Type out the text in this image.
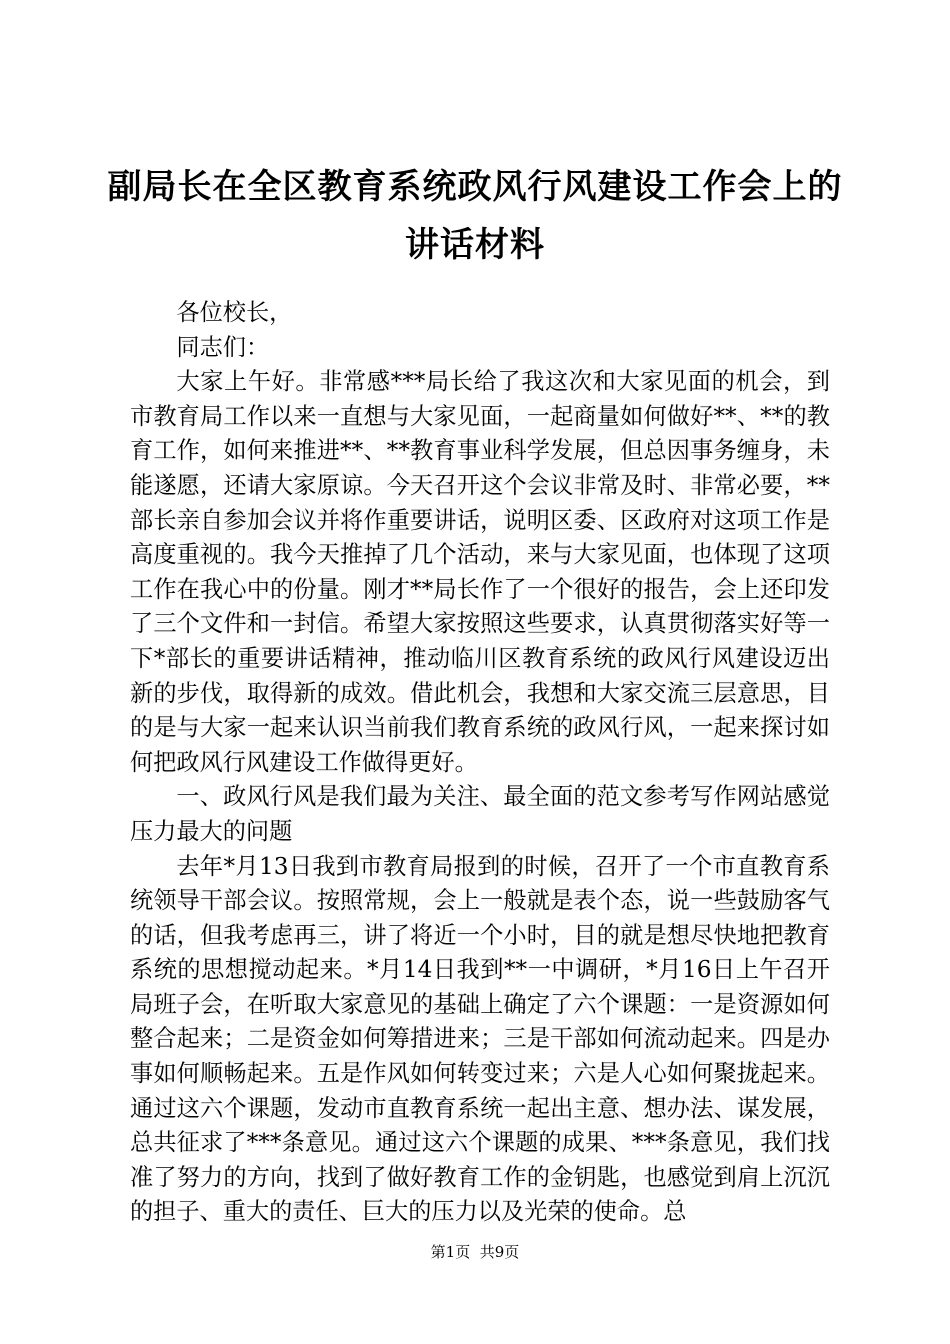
副局长在全区教育系统政风行风建设工作会上的讲话材料

各位校长，

同志们：

大家上午好。非常感***局长给了我这次和大家见面的机会，到市教育局工作以来一直想与大家见面，一起商量如何做好**、**的教育工作，如何来推进**、**教育事业科学发展，但总因事务缠身，未能遂愿，还请大家原谅。今天召开这个会议非常及时、非常必要，**部长亲自参加会议并将作重要讲话，说明区委、区政府对这项工作是高度重视的。我今天推掉了几个活动，来与大家见面，也体现了这项工作在我心中的份量。刚才**局长作了一个很好的报告，会上还印发了三个文件和一封信。希望大家按照这些要求，认真贯彻落实好等一下*部长的重要讲话精神，推动临川区教育系统的政风行风建设迈出新的步伐，取得新的成效。借此机会，我想和大家交流三层意思，目的是与大家一起来认识当前我们教育系统的政风行风，一起来探讨如何把政风行风建设工作做得更好。

一、政风行风是我们最为关注、最全面的范文参考写作网站感觉压力最大的问题

去年*月13日我到市教育局报到的时候，召开了一个市直教育系统领导干部会议。按照常规，会上一般就是表个态，说一些鼓励客气的话，但我考虑再三，讲了将近一个小时，目的就是想尽快地把教育系统的思想搅动起来。*月14日我到**一中调研，*月16日上午召开局班子会，在听取大家意见的基础上确定了六个课题：一是资源如何整合起来；二是资金如何筹措进来；三是干部如何流动起来。四是办事如何顺畅起来。五是作风如何转变过来；六是人心如何聚拢起来。通过这六个课题，发动市直教育系统一起出主意、想办法、谋发展，总共征求了***条意见。通过这六个课题的成果、***条意见，我们找准了努力的方向，找到了做好教育工作的金钥匙，也感觉到肩上沉沉的担子、重大的责任、巨大的压力以及光荣的使命。总

第1页 共9页
